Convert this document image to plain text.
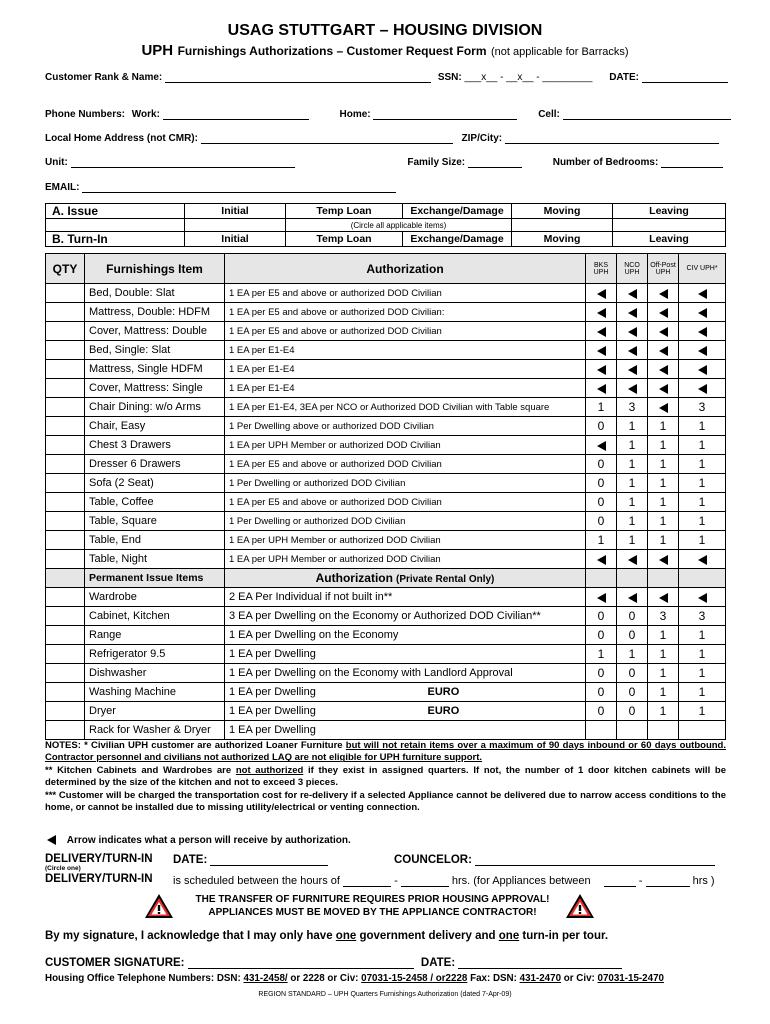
USAG STUTTGART – HOUSING DIVISION
UPH Furnishings Authorizations – Customer Request Form (not applicable for Barracks)
Customer Rank & Name:	SSN: ___x__ - __x__ - _________ DATE:
Phone Numbers: Work:	Home:	Cell:
Local Home Address (not CMR):	ZIP/City:
Unit:	Family Size:	Number of Bedrooms:
EMAIL:
A. Issue	Initial	Temp Loan	Exchange/Damage	Moving	Leaving
		(Circle all applicable items)			
B. Turn-In	Initial	Temp Loan	Exchange/Damage	Moving	Leaving
QTY	Furnishings Item	Authorization	BKS UPH	NCO UPH	Off-Post UPH	CIV UPH*
	Bed, Double: Slat	1 EA per E5 and above or authorized DOD Civilian				
	Mattress, Double: HDFM	1 EA per E5 and above or authorized DOD Civilian:				
	Cover, Mattress: Double	1 EA per E5 and above or authorized DOD Civilian				
	Bed, Single: Slat	1 EA per E1-E4				
	Mattress, Single HDFM	1 EA per E1-E4				
	Cover, Mattress: Single	1 EA per E1-E4				
	Chair Dining: w/o Arms	1 EA per E1-E4, 3EA per NCO or Authorized DOD Civilian with Table square	1	3		3
	Chair, Easy	1 Per Dwelling above or authorized DOD Civilian	0	1	1	1
	Chest 3 Drawers	1 EA per UPH Member or authorized DOD Civilian		1	1	1
	Dresser 6 Drawers	1 EA per E5 and above or authorized DOD Civilian	0	1	1	1
	Sofa (2 Seat)	1 Per Dwelling or authorized DOD Civilian	0	1	1	1
	Table, Coffee	1 EA per E5 and above or authorized DOD Civilian	0	1	1	1
	Table, Square	1 Per Dwelling or authorized DOD Civilian	0	1	1	1
	Table, End	1 EA per UPH Member or authorized DOD Civilian	1	1	1	1
	Table, Night	1 EA per UPH Member or authorized DOD Civilian				
	Permanent Issue Items	Authorization (Private Rental Only)				
	Wardrobe	2 EA Per Individual if not built in**				
	Cabinet, Kitchen	3 EA per Dwelling on the Economy or Authorized DOD Civilian**	0	0	3	3
	Range	1 EA per Dwelling on the Economy	0	0	1	1
	Refrigerator 9.5	1 EA per Dwelling	1	1	1	1
	Dishwasher	1 EA per Dwelling on the Economy with Landlord Approval	0	0	1	1
	Washing Machine	1 EA per Dwelling EURO	0	0	1	1
	Dryer	1 EA per Dwelling EURO	0	0	1	1
	Rack for Washer & Dryer	1 EA per Dwelling				
NOTES: * Civilian UPH customer are authorized Loaner Furniture but will not retain items over a maximum of 90 days inbound or 60 days outbound. Contractor personnel and civilians not authorized LAQ are not eligible for UPH furniture support.
** Kitchen Cabinets and Wardrobes are not authorized if they exist in assigned quarters. If not, the number of 1 door kitchen cabinets will be determined by the size of the kitchen and not to exceed 3 pieces.
*** Customer will be charged the transportation cost for re-delivery if a selected Appliance cannot be delivered due to narrow access conditions to the home, or cannot be installed due to missing utility/electrical or venting connection.
Arrow indicates what a person will receive by authorization.
DELIVERY/TURN-IN DATE:	COUNCELOR:
(Circle one)
DELIVERY/TURN-IN is scheduled between the hours of	-	hrs. (for Appliances between	-	hrs )
THE TRANSFER OF FURNITURE REQUIRES PRIOR HOUSING APPROVAL!
APPLIANCES MUST BE MOVED BY THE APPLIANCE CONTRACTOR!
By my signature, I acknowledge that I may only have one government delivery and one turn-in per tour.
CUSTOMER SIGNATURE:	DATE:
Housing Office Telephone Numbers: DSN: 431-2458/ or 2228 or Civ: 07031-15-2458 / or2228 Fax: DSN: 431-2470 or Civ: 07031-15-2470
REGION STANDARD – UPH Quarters Furnishings Authorization (dated 7-Apr-09)
